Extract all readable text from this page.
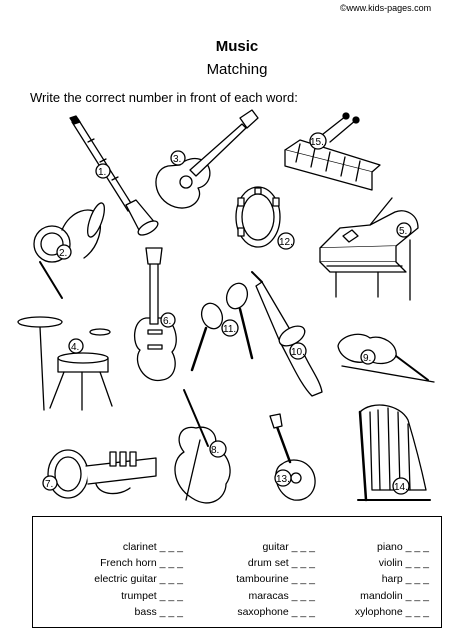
©www.kids-pages.com
Music
Matching
Write the correct number in front of each word:
1.
3.
15.
2.
12.
5.
6.
11.
10.
4.
9.
7.
8.
13.
14.
clarinet _ _ _
French horn _ _ _
electric guitar _ _ _
trumpet _ _ _
bass _ _ _
guitar _ _ _
drum set _ _ _
tambourine _ _ _
maracas _ _ _
saxophone _ _ _
piano _ _ _
violin _ _ _
harp _ _ _
mandolin _ _ _
xylophone _ _ _
